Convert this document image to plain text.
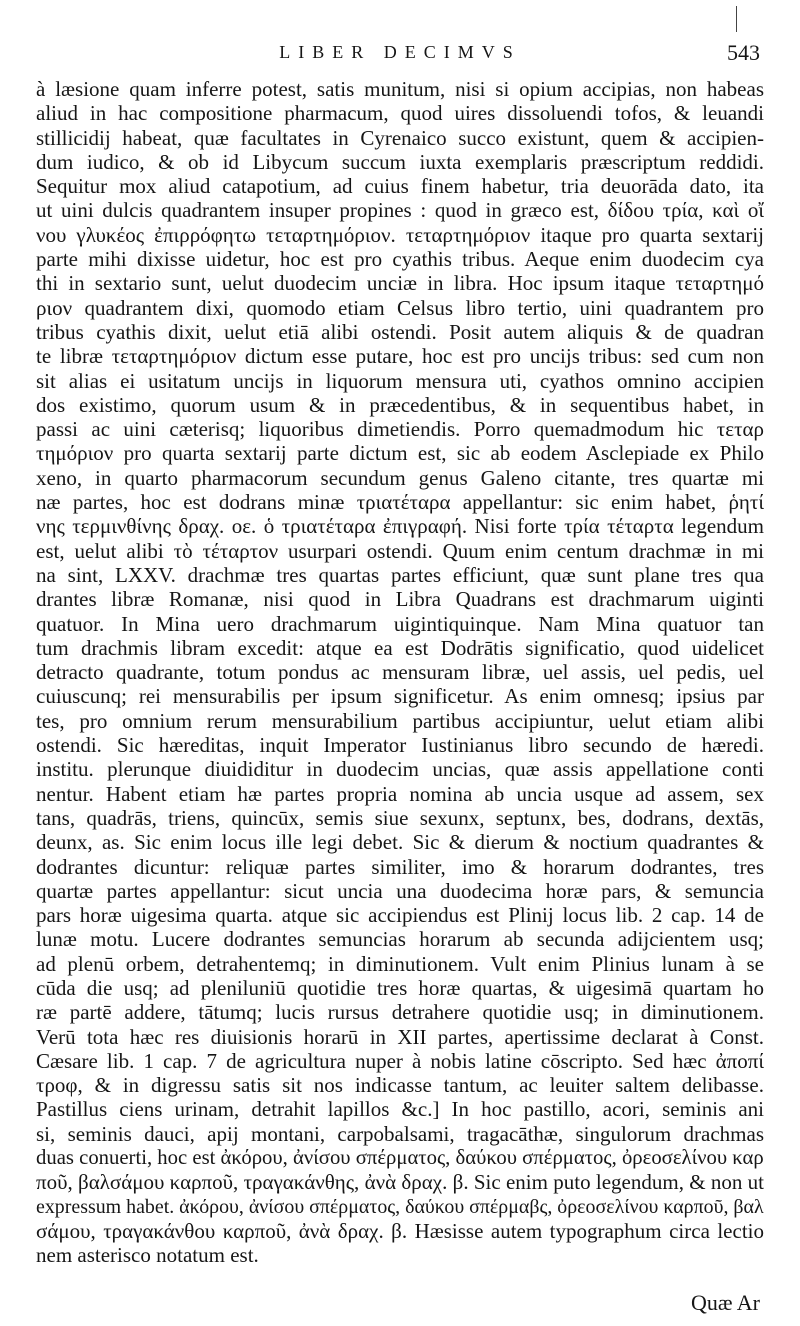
LIBER DECIMVS	543
à læsione quam inferre potest, satis munitum, nisi si opium accipias, non habeas
aliud in hac compositione pharmacum, quod uires dissoluendi tofos, & leuandi
stillicidij habeat, quæ facultates in Cyrenaico succo existunt, quem & accipien-
dum iudico, & ob id Libycum succum iuxta exemplaris præscriptum reddidi.
Sequitur mox aliud catapotium, ad cuius finem habetur, tria deuorāda dato, ita
ut uini dulcis quadrantem insuper propines : quod in græco est, δίδου τρία, καὶ οἴ
νου γλυκέος ἐπιρρόφητω τεταρτημόριον. τεταρτημόριον itaque pro quarta sextarij
parte mihi dixisse uidetur, hoc est pro cyathis tribus. Aeque enim duodecim cya
thi in sextario sunt, uelut duodecim unciæ in libra. Hoc ipsum itaque τεταρτημό
ριον quadrantem dixi, quomodo etiam Celsus libro tertio, uini quadrantem pro
tribus cyathis dixit, uelut etiā alibi ostendi. Posit autem aliquis & de quadran
te libræ τεταρτημόριον dictum esse putare, hoc est pro uncijs tribus: sed cum non
sit alias ei usitatum uncijs in liquorum mensura uti, cyathos omnino accipien
dos existimo, quorum usum & in præcedentibus, & in sequentibus habet, in
passi ac uini cæterisq; liquoribus dimetiendis. Porro quemadmodum hic τεταρ
τημόριον pro quarta sextarij parte dictum est, sic ab eodem Asclepiade ex Philo
xeno, in quarto pharmacorum secundum genus Galeno citante, tres quartæ mi
næ partes, hoc est dodrans minæ τριατέταρα appellantur: sic enim habet, ῥητί
νης τερμινθίνης δραχ. οε. ὁ τριατέταρα ἐπιγραφή. Nisi forte τρία τέταρτα legendum
est, uelut alibi τὸ τέταρτον usurpari ostendi. Quum enim centum drachmæ in mi
na sint, LXXV. drachmæ tres quartas partes efficiunt, quæ sunt plane tres qua
drantes libræ Romanæ, nisi quod in Libra Quadrans est drachmarum uiginti
quatuor. In Mina uero drachmarum uigintiquinque. Nam Mina quatuor tan
tum drachmis libram excedit: atque ea est Dodrātis significatio, quod uidelicet
detracto quadrante, totum pondus ac mensuram libræ, uel assis, uel pedis, uel
cuiuscunq; rei mensurabilis per ipsum significetur. As enim omnesq; ipsius par
tes, pro omnium rerum mensurabilium partibus accipiuntur, uelut etiam alibi
ostendi. Sic hæreditas, inquit Imperator Iustinianus libro secundo de hæredi.
institu. plerunque diuididitur in duodecim uncias, quæ assis appellatione conti
nentur. Habent etiam hæ partes propria nomina ab uncia usque ad assem, sex
tans, quadrās, triens, quincūx, semis siue sexunx, septunx, bes, dodrans, dextās,
deunx, as. Sic enim locus ille legi debet. Sic & dierum & noctium quadrantes &
dodrantes dicuntur: reliquæ partes similiter, imo & horarum dodrantes, tres
quartæ partes appellantur: sicut uncia una duodecima horæ pars, & semuncia
pars horæ uigesima quarta. atque sic accipiendus est Plinij locus lib. 2 cap. 14 de
lunæ motu. Lucere dodrantes semuncias horarum ab secunda adijcientem usq;
ad plenū orbem, detrahentemq; in diminutionem. Vult enim Plinius lunam à se
cūda die usq; ad pleniluniū quotidie tres horæ quartas, & uigesimā quartam ho
ræ partē addere, tātumq; lucis rursus detrahere quotidie usq; in diminutionem.
Verū tota hæc res diuisionis horarū in XII partes, apertissime declarat à Const.
Cæsare lib. 1 cap. 7 de agricultura nuper à nobis latine cōscripto. Sed hæc ἀποπί
τροφ, & in digressu satis sit nos indicasse tantum, ac leuiter saltem delibasse.
Pastillus ciens urinam, detrahit lapillos &c.] In hoc pastillo, acori, seminis ani
si, seminis dauci, apij montani, carpobalsami, tragacāthæ, singulorum drachmas
duas conuerti, hoc est ἀκόρου, ἀνίσου σπέρματος, δαύκου σπέρματος, ὀρεοσελίνου καρ
ποῦ, βαλσάμου καρποῦ, τραγακάνθης, ἀνὰ δραχ. β. Sic enim puto legendum, & non ut
expressum habet. ἀκόρου, ἀνίσου σπέρματος, δαύκου σπέρμαβς, ὀρεοσελίνου καρποῦ, βαλ
σάμου, τραγακάνθου καρποῦ, ἀνὰ δραχ. β. Hæsisse autem typographum circa lectio
nem asterisco notatum est.
Quæ Ar
